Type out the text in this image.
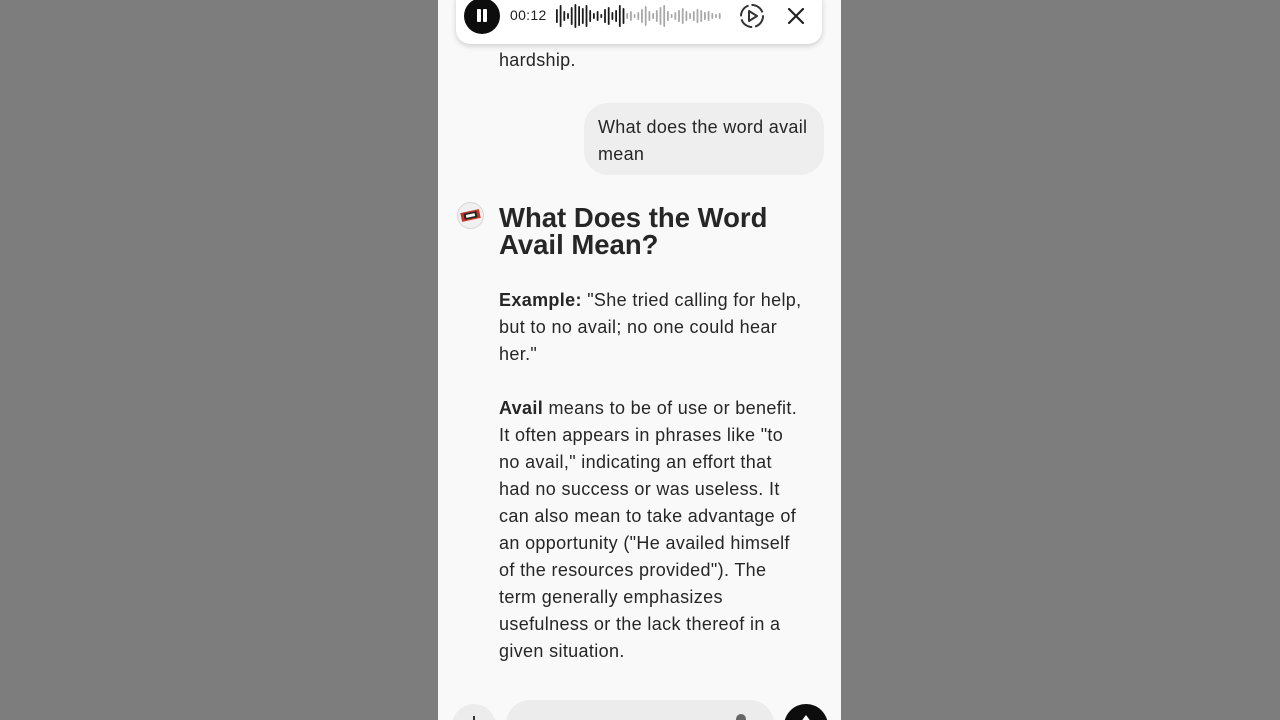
00:12
hardship.
What does the word avail mean
What Does the Word
Avail Mean?

Example: "She tried calling for help,
but to no avail; no one could hear
her."

Avail means to be of use or benefit.
It often appears in phrases like "to
no avail," indicating an effort that
had no success or was useless. It
can also mean to take advantage of
an opportunity ("He availed himself
of the resources provided"). The
term generally emphasizes
usefulness or the lack thereof in a
given situation.
